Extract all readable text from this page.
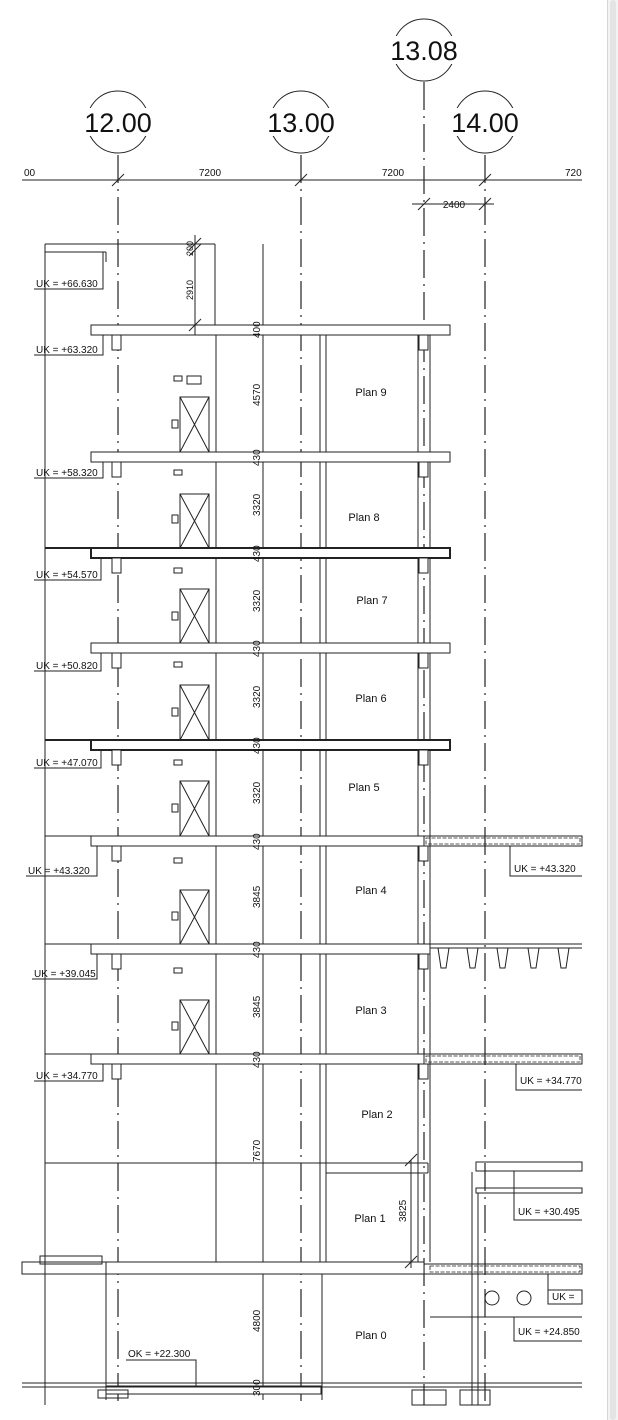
12.00	13.00
13.08
14.00
00	7200	7200	720
2400
200
2910
400
4570
430
3320
430
3320
430
3320
430
3320
430
3845
430
3845
430
7670
4800
300
3825
Plan 9
Plan 8
Plan 7
Plan 6
Plan 5
Plan 4
Plan 3
Plan 2
Plan 1
Plan 0
UK = +66.630
UK = +63.320
UK = +58.320
UK = +54.570
UK = +50.820
UK = +47.070
UK = +43.320
UK = +39.045
UK = +34.770
UK = +43.320
UK = +34.770
UK = +30.495
UK =
UK = +24.850
OK = +22.300
